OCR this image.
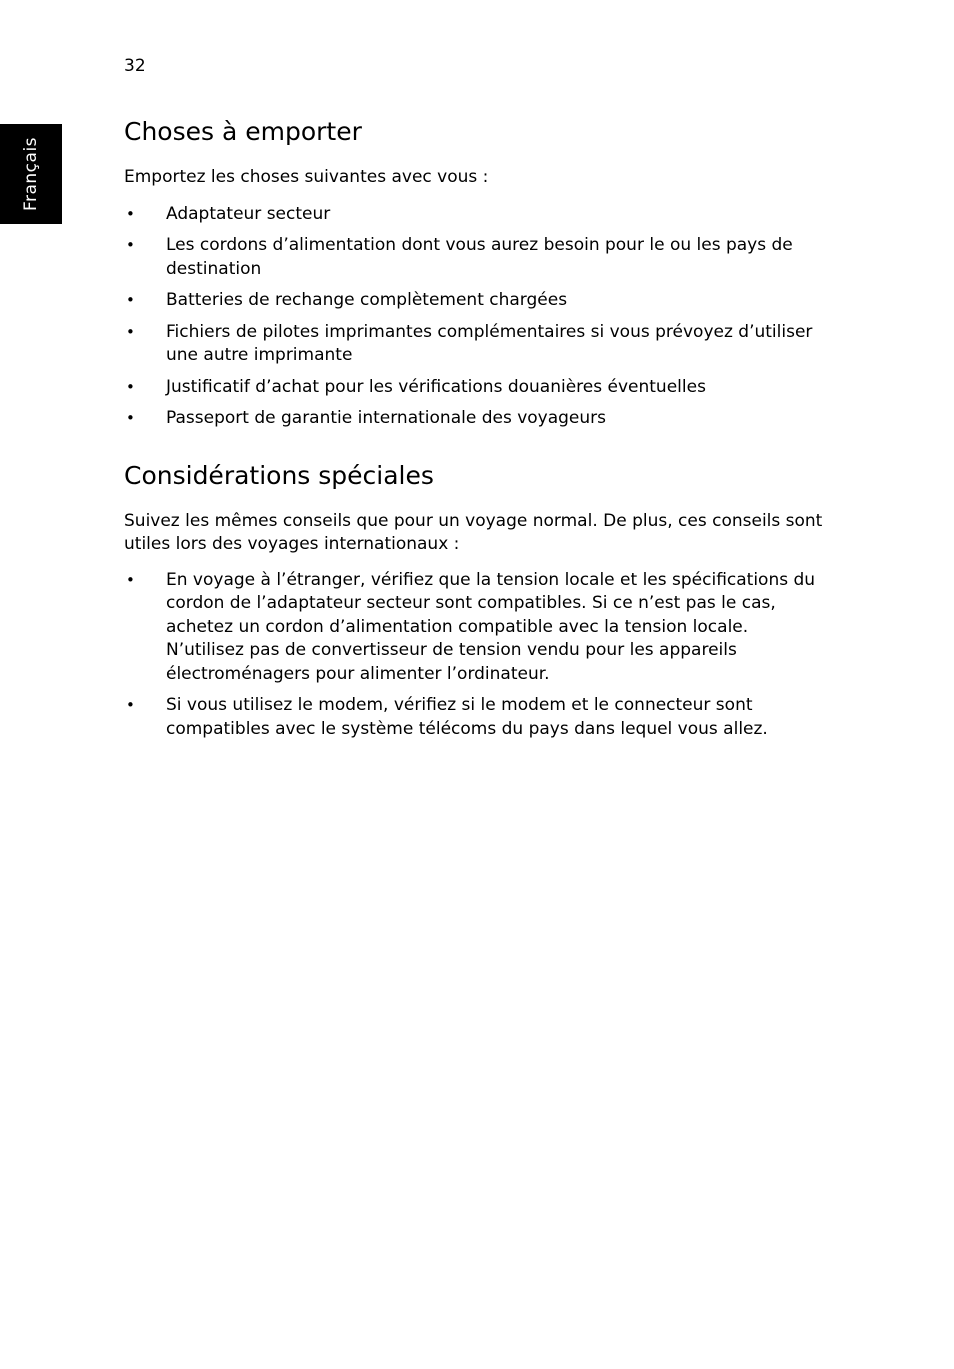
32
Français
Choses à emporter

Emportez les choses suivantes avec vous :

• Adaptateur secteur
• Les cordons d’alimentation dont vous aurez besoin pour le ou les pays de destination
• Batteries de rechange complètement chargées
• Fichiers de pilotes imprimantes complémentaires si vous prévoyez d’utiliser une autre imprimante
• Justificatif d’achat pour les vérifications douanières éventuelles
• Passeport de garantie internationale des voyageurs
Considérations spéciales

Suivez les mêmes conseils que pour un voyage normal. De plus, ces conseils sont utiles lors des voyages internationaux :

• En voyage à l’étranger, vérifiez que la tension locale et les spécifications du cordon de l’adaptateur secteur sont compatibles. Si ce n’est pas le cas, achetez un cordon d’alimentation compatible avec la tension locale. N’utilisez pas de convertisseur de tension vendu pour les appareils électroménagers pour alimenter l’ordinateur.
• Si vous utilisez le modem, vérifiez si le modem et le connecteur sont compatibles avec le système télécoms du pays dans lequel vous allez.
